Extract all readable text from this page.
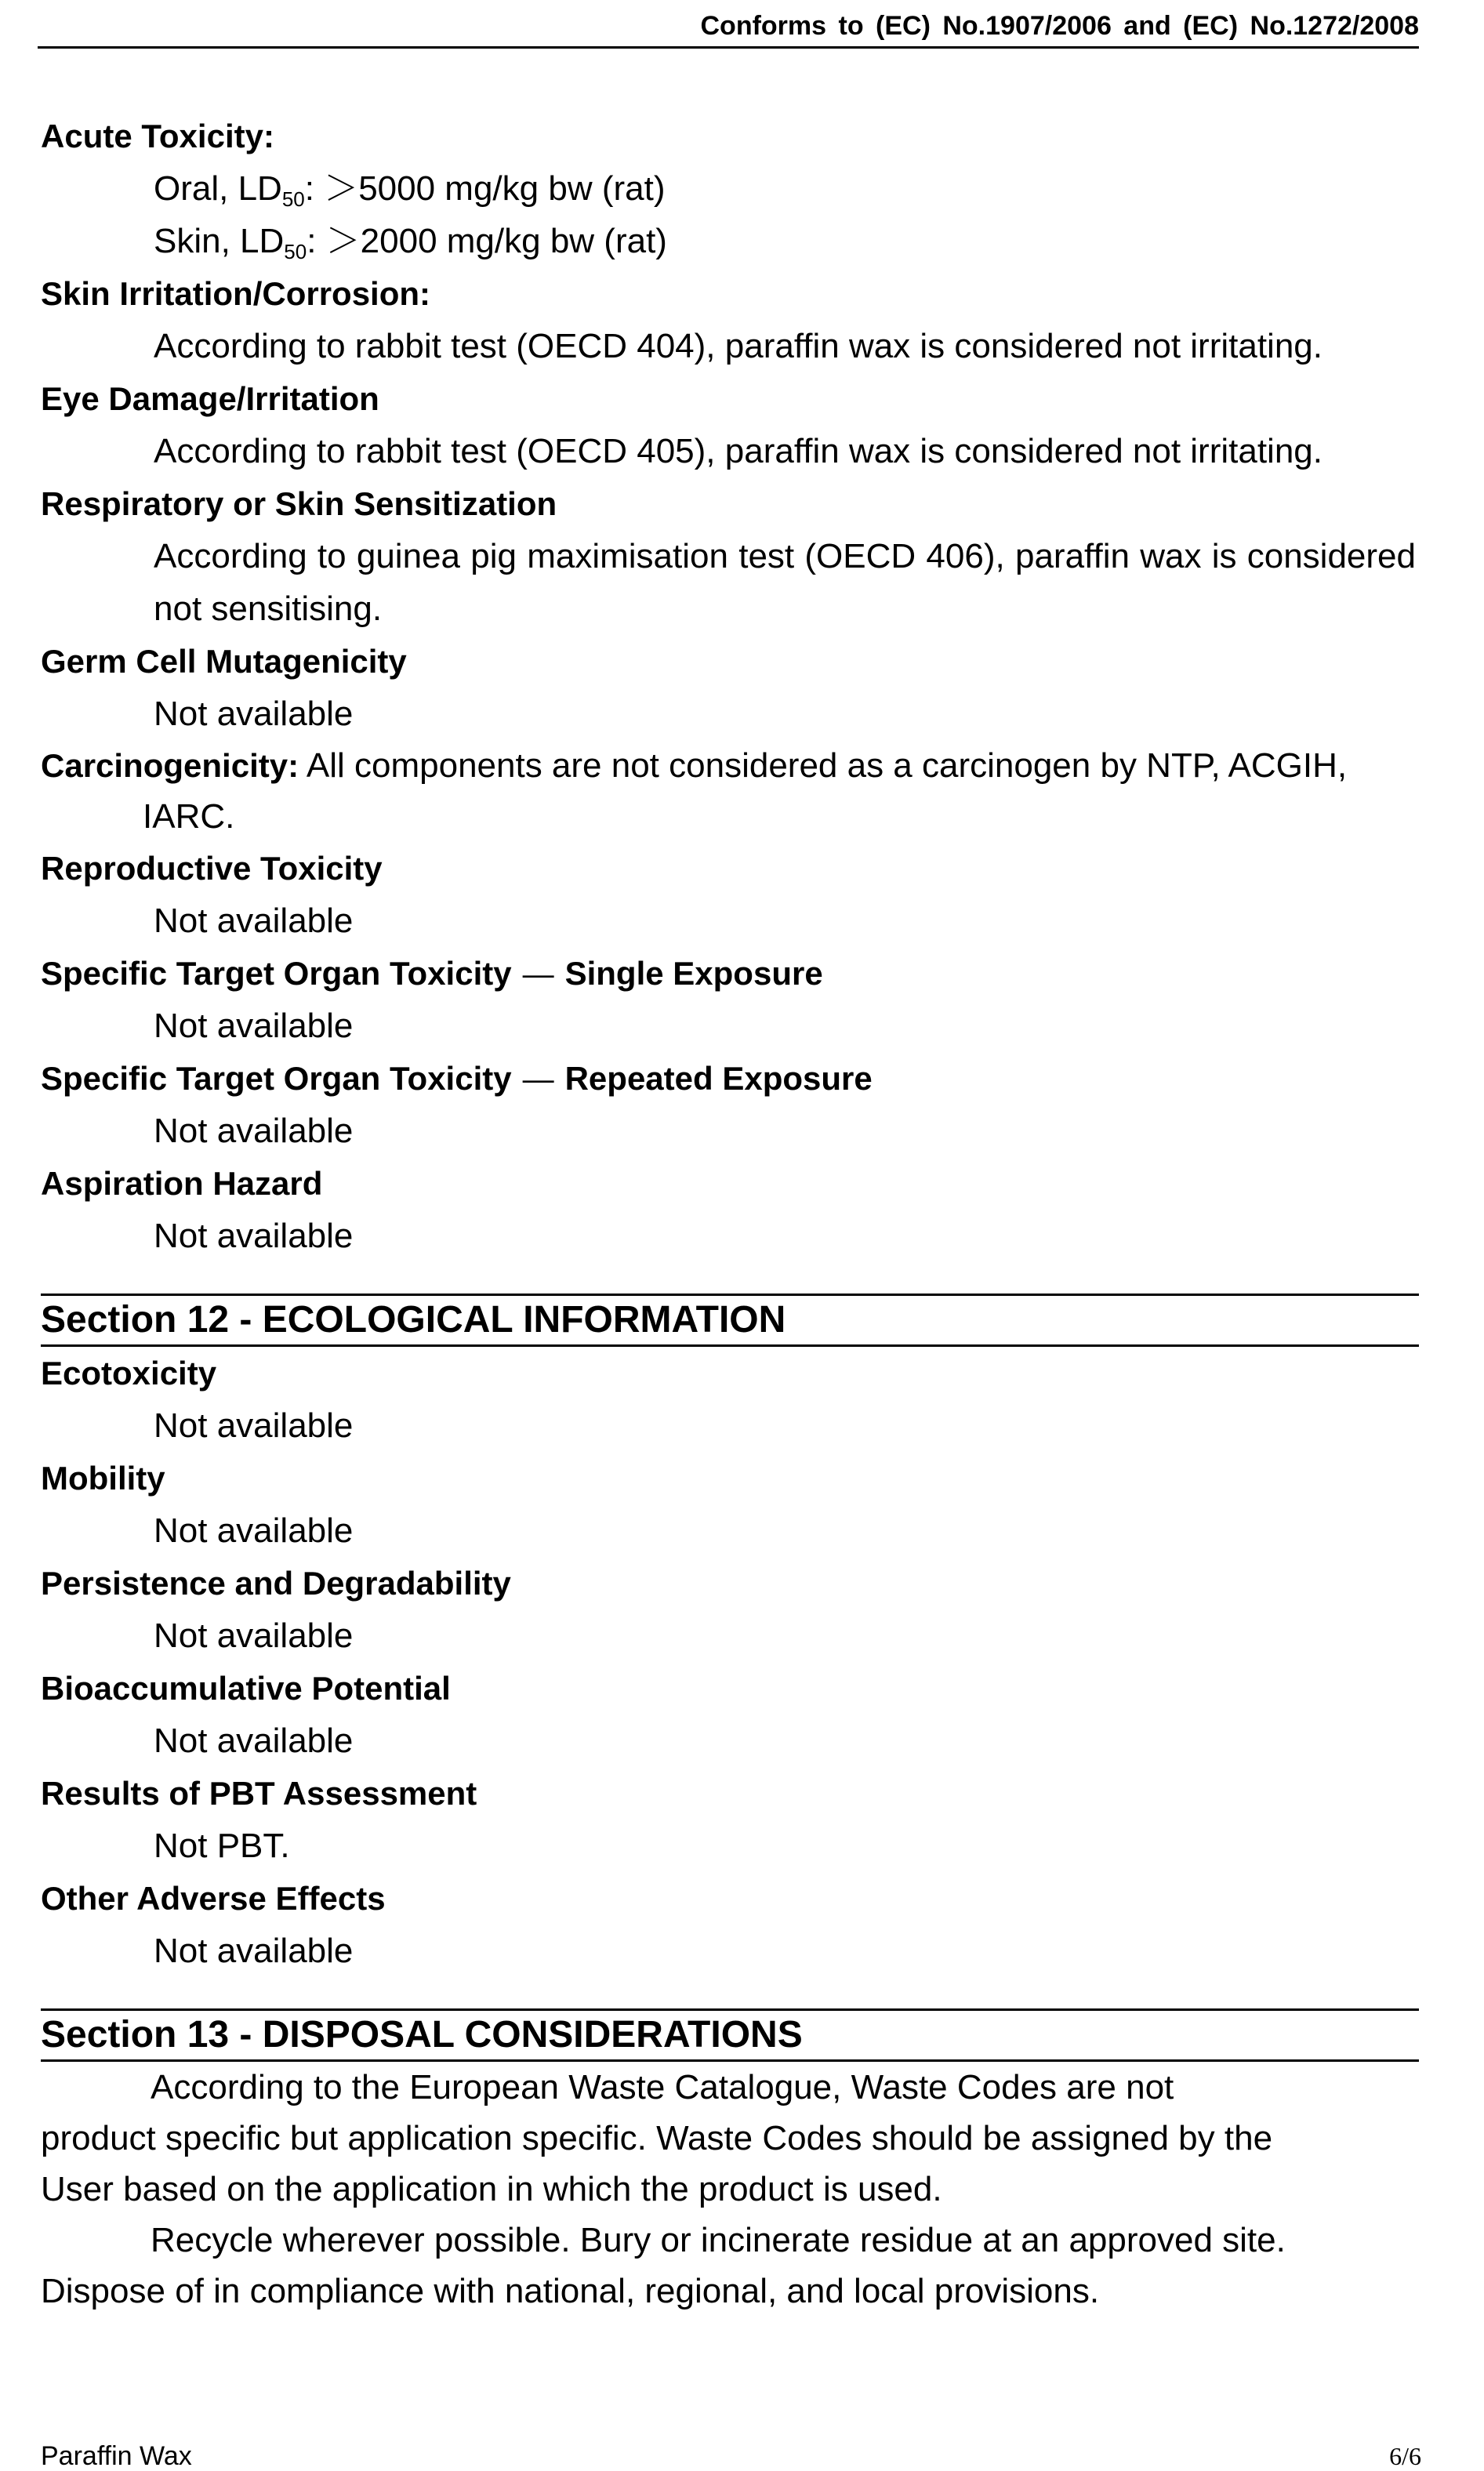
Conforms to (EC) No.1907/2006 and (EC) No.1272/2008
Acute Toxicity:
Oral, $LD_{50}$: ＞5000 mg/kg bw (rat)
Skin, $LD_{50}$: ＞2000 mg/kg bw (rat)
Skin Irritation/Corrosion:
According to rabbit test (OECD 404), paraffin wax is considered not irritating.
Eye Damage/Irritation
According to rabbit test (OECD 405), paraffin wax is considered not irritating.
Respiratory or Skin Sensitization
According to guinea pig maximisation test (OECD 406), paraffin wax is considered not sensitising.
Germ Cell Mutagenicity
Not available
Carcinogenicity: All components are not considered as a carcinogen by NTP, ACGIH,
IARC.
Reproductive Toxicity
Not available
Specific Target Organ Toxicity — Single Exposure
Not available
Specific Target Organ Toxicity — Repeated Exposure
Not available
Aspiration Hazard
Not available
Section 12 - ECOLOGICAL INFORMATION
Ecotoxicity
Not available
Mobility
Not available
Persistence and Degradability
Not available
Bioaccumulative Potential
Not available
Results of PBT Assessment
Not PBT.
Other Adverse Effects
Not available
Section 13 - DISPOSAL CONSIDERATIONS

According to the European Waste Catalogue, Waste Codes are not product specific but application specific. Waste Codes should be assigned by the User based on the application in which the product is used.

Recycle wherever possible. Bury or incinerate residue at an approved site. Dispose of in compliance with national, regional, and local provisions.

Paraffin Wax	6/6
